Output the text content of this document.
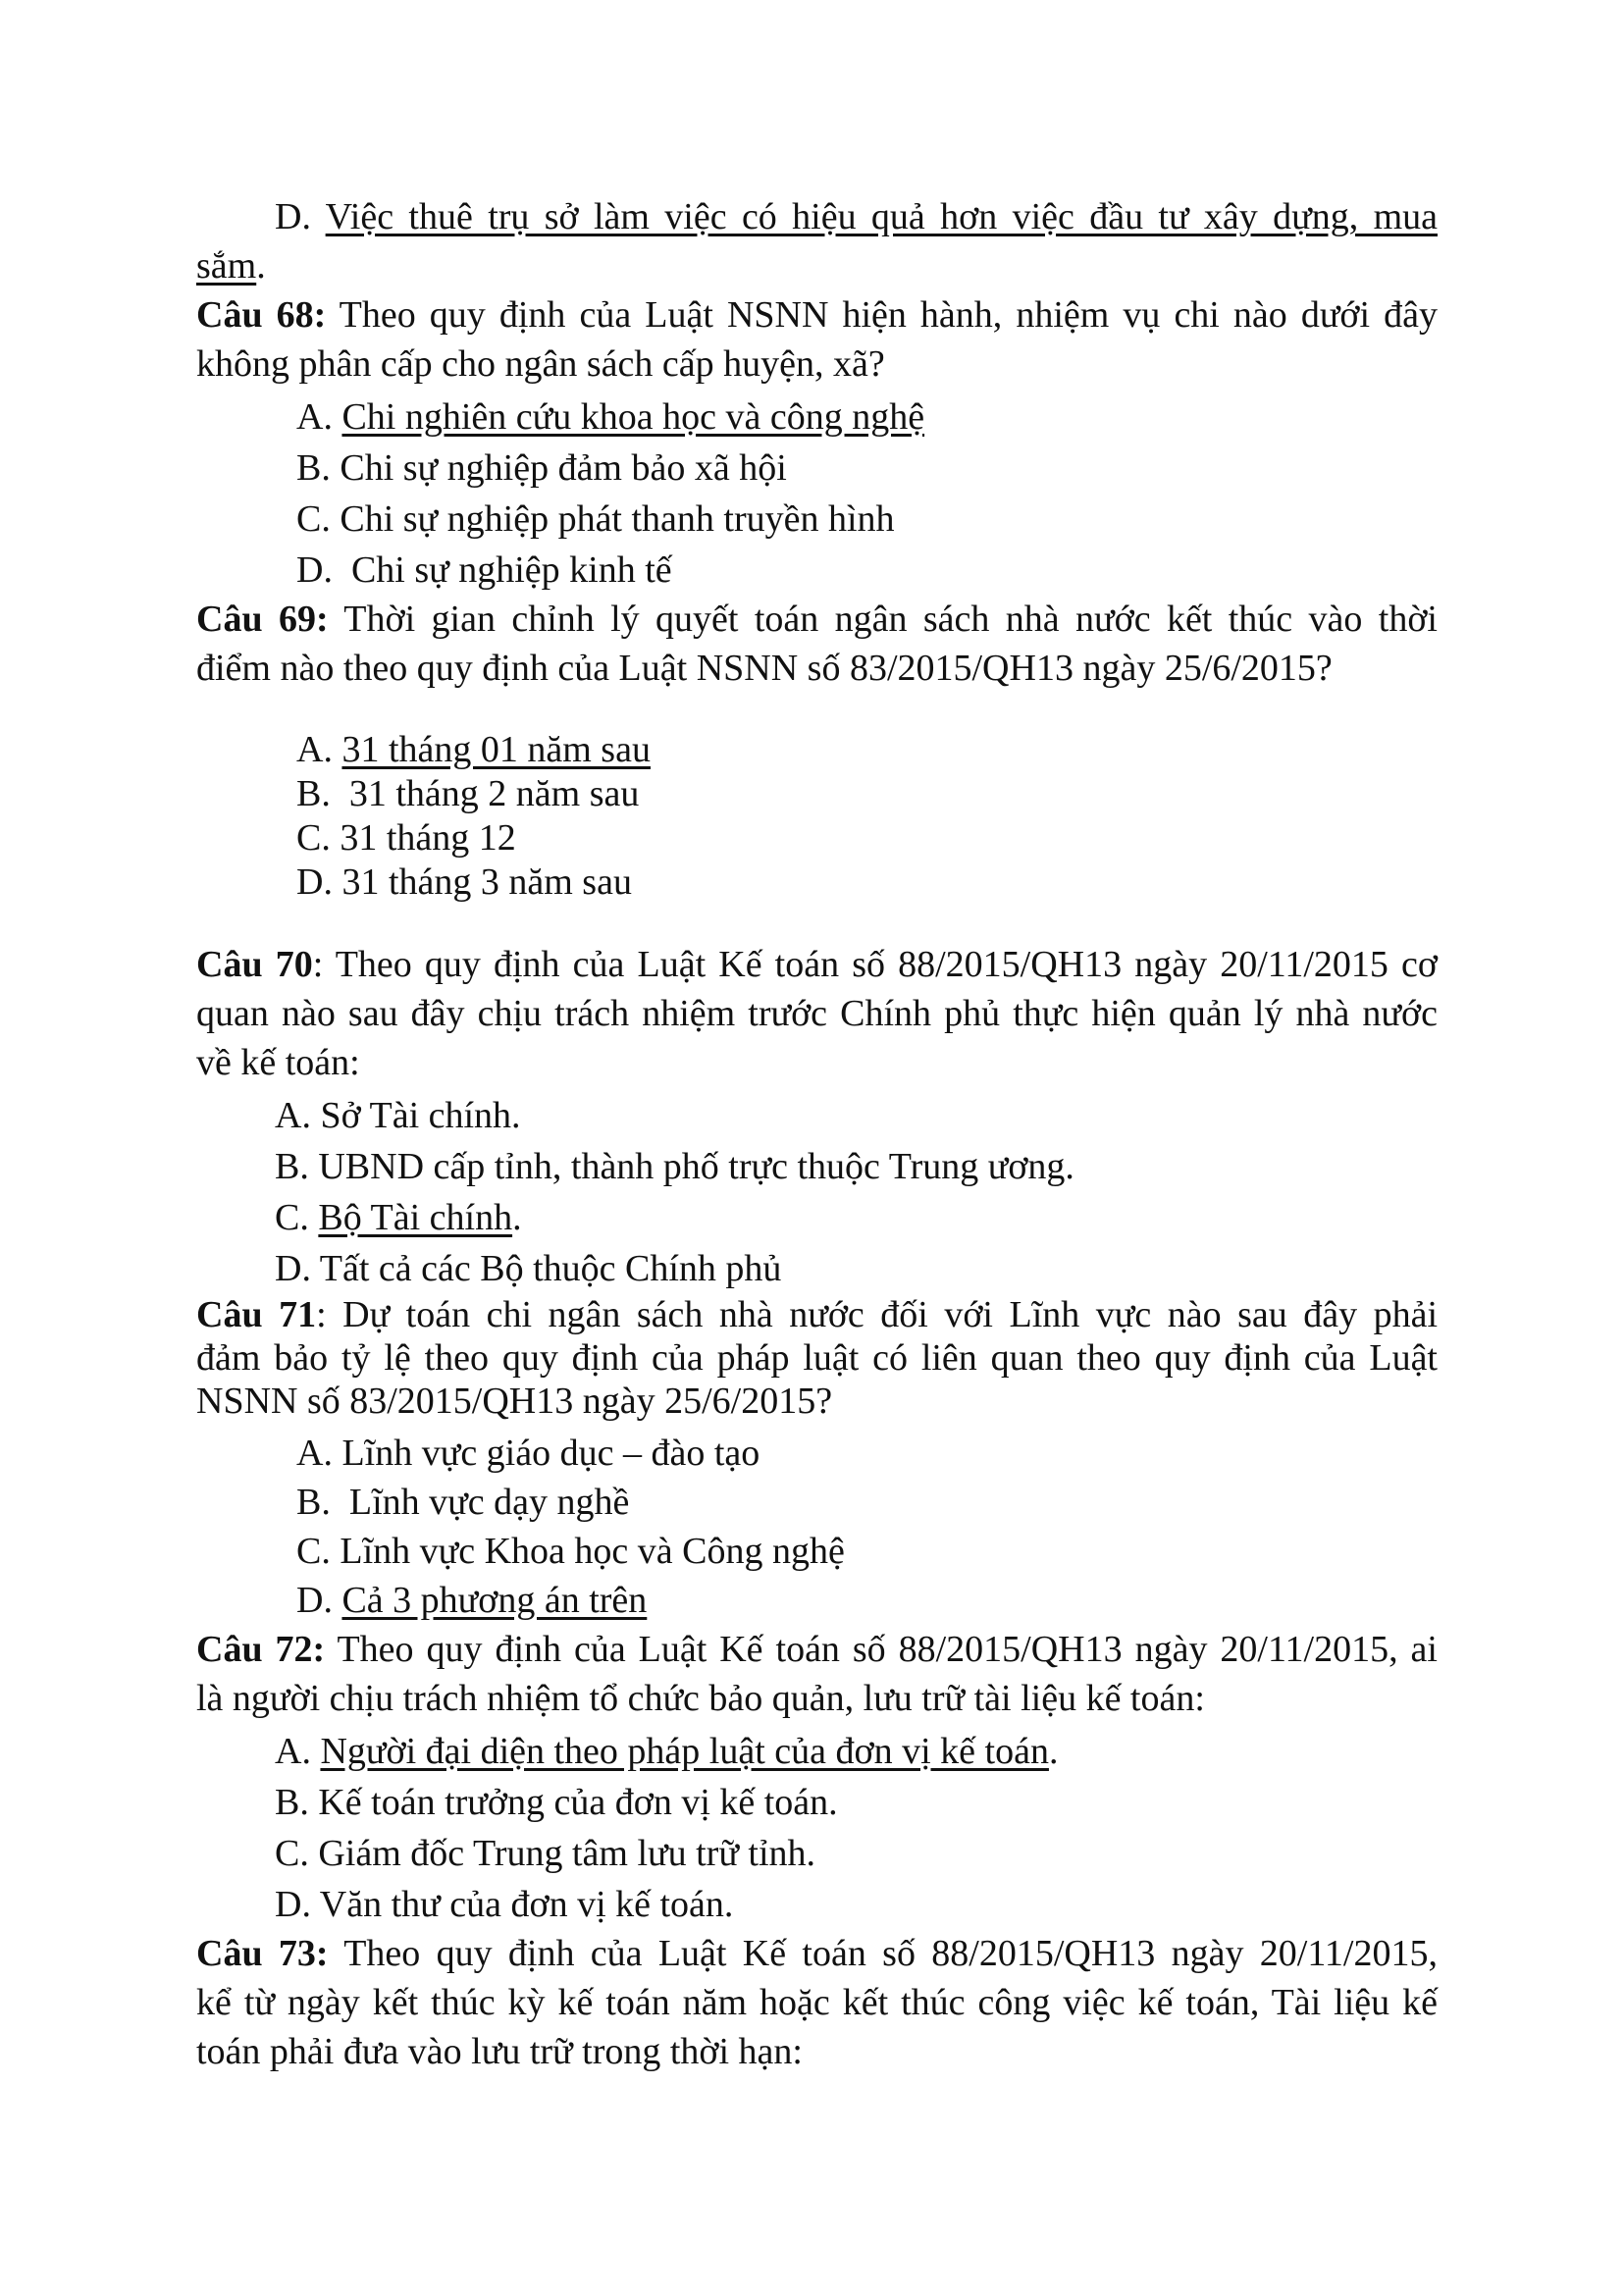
D. Việc thuê trụ sở làm việc có hiệu quả hơn việc đầu tư xây dựng, mua

sắm.

Câu 68: Theo quy định của Luật NSNN hiện hành, nhiệm vụ chi nào dưới đây

không phân cấp cho ngân sách cấp huyện, xã?

A. Chi nghiên cứu khoa học và công nghệ

B. Chi sự nghiệp đảm bảo xã hội

C. Chi sự nghiệp phát thanh truyền hình

D.  Chi sự nghiệp kinh tế

Câu 69: Thời gian chỉnh lý quyết toán ngân sách nhà nước kết thúc vào thời

điểm nào theo quy định của Luật NSNN số 83/2015/QH13 ngày 25/6/2015?

A. 31 tháng 01 năm sau

B.  31 tháng 2 năm sau

C. 31 tháng 12

D. 31 tháng 3 năm sau

Câu 70: Theo quy định của Luật Kế toán số 88/2015/QH13 ngày 20/11/2015 cơ

quan nào sau đây chịu trách nhiệm trước Chính phủ thực hiện quản lý nhà nước

về kế toán:

A. Sở Tài chính.

B. UBND cấp tỉnh, thành phố trực thuộc Trung ương.

C. Bộ Tài chính.

D. Tất cả các Bộ thuộc Chính phủ

Câu 71: Dự toán chi ngân sách nhà nước đối với Lĩnh vực nào sau đây phải

đảm bảo tỷ lệ theo quy định của pháp luật có liên quan theo quy định của Luật

NSNN số 83/2015/QH13 ngày 25/6/2015?

A. Lĩnh vực giáo dục – đào tạo

B.  Lĩnh vực dạy nghề

C. Lĩnh vực Khoa học và Công nghệ

D. Cả 3 phương án trên

Câu 72: Theo quy định của Luật Kế toán số 88/2015/QH13 ngày 20/11/2015, ai

là người chịu trách nhiệm tổ chức bảo quản, lưu trữ tài liệu kế toán:

A. Người đại diện theo pháp luật của đơn vị kế toán.

B. Kế toán trưởng của đơn vị kế toán.

C. Giám đốc Trung tâm lưu trữ tỉnh.

D. Văn thư của đơn vị kế toán.

Câu 73: Theo quy định của Luật Kế toán số 88/2015/QH13 ngày 20/11/2015,

kể từ ngày kết thúc kỳ kế toán năm hoặc kết thúc công việc kế toán, Tài liệu kế

toán phải đưa vào lưu trữ trong thời hạn:
